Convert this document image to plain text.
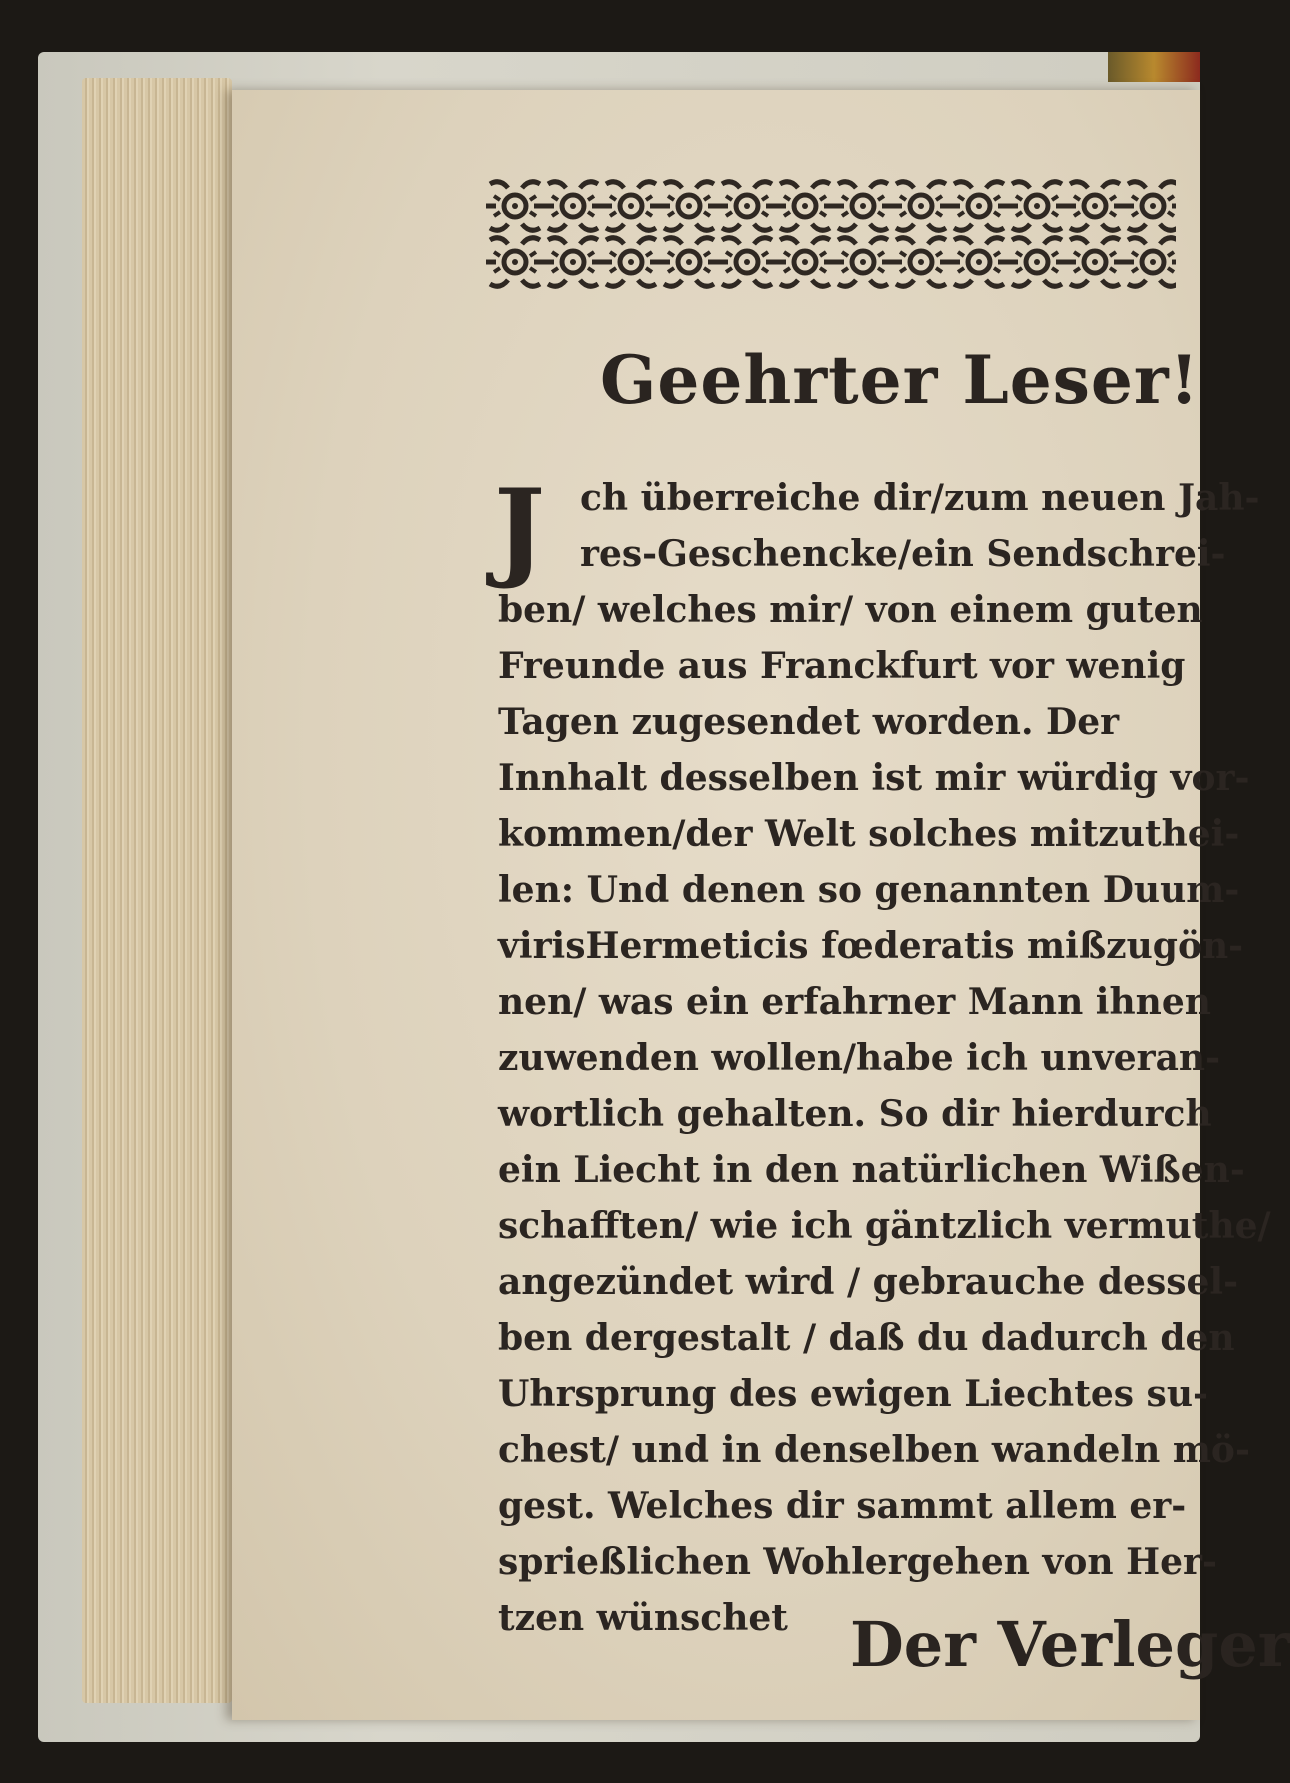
Geehrter Leser!
J ch überreiche dir/zum neuen Jah-
res-Geschencke/ein Sendschrei-
ben/ welches mir/ von einem guten
Freunde aus Franckfurt vor wenig
Tagen zugesendet worden. Der
Innhalt desselben ist mir würdig vor-
kommen/der Welt solches mitzuthei-
len: Und denen so genannten Duum-
virisHermeticis fœderatis mißzugön-
nen/ was ein erfahrner Mann ihnen
zuwenden wollen/habe ich unveran-
wortlich gehalten. So dir hierdurch
ein Liecht in den natürlichen Wißen-
schafften/ wie ich gäntzlich vermuthe/
angezündet wird / gebrauche dessel-
ben dergestalt / daß du dadurch den
Uhrsprung des ewigen Liechtes su-
chest/ und in denselben wandeln mö-
gest. Welches dir sammt allem er-
sprießlichen Wohlergehen von Her-
tzen wünschet	Der Verleger
